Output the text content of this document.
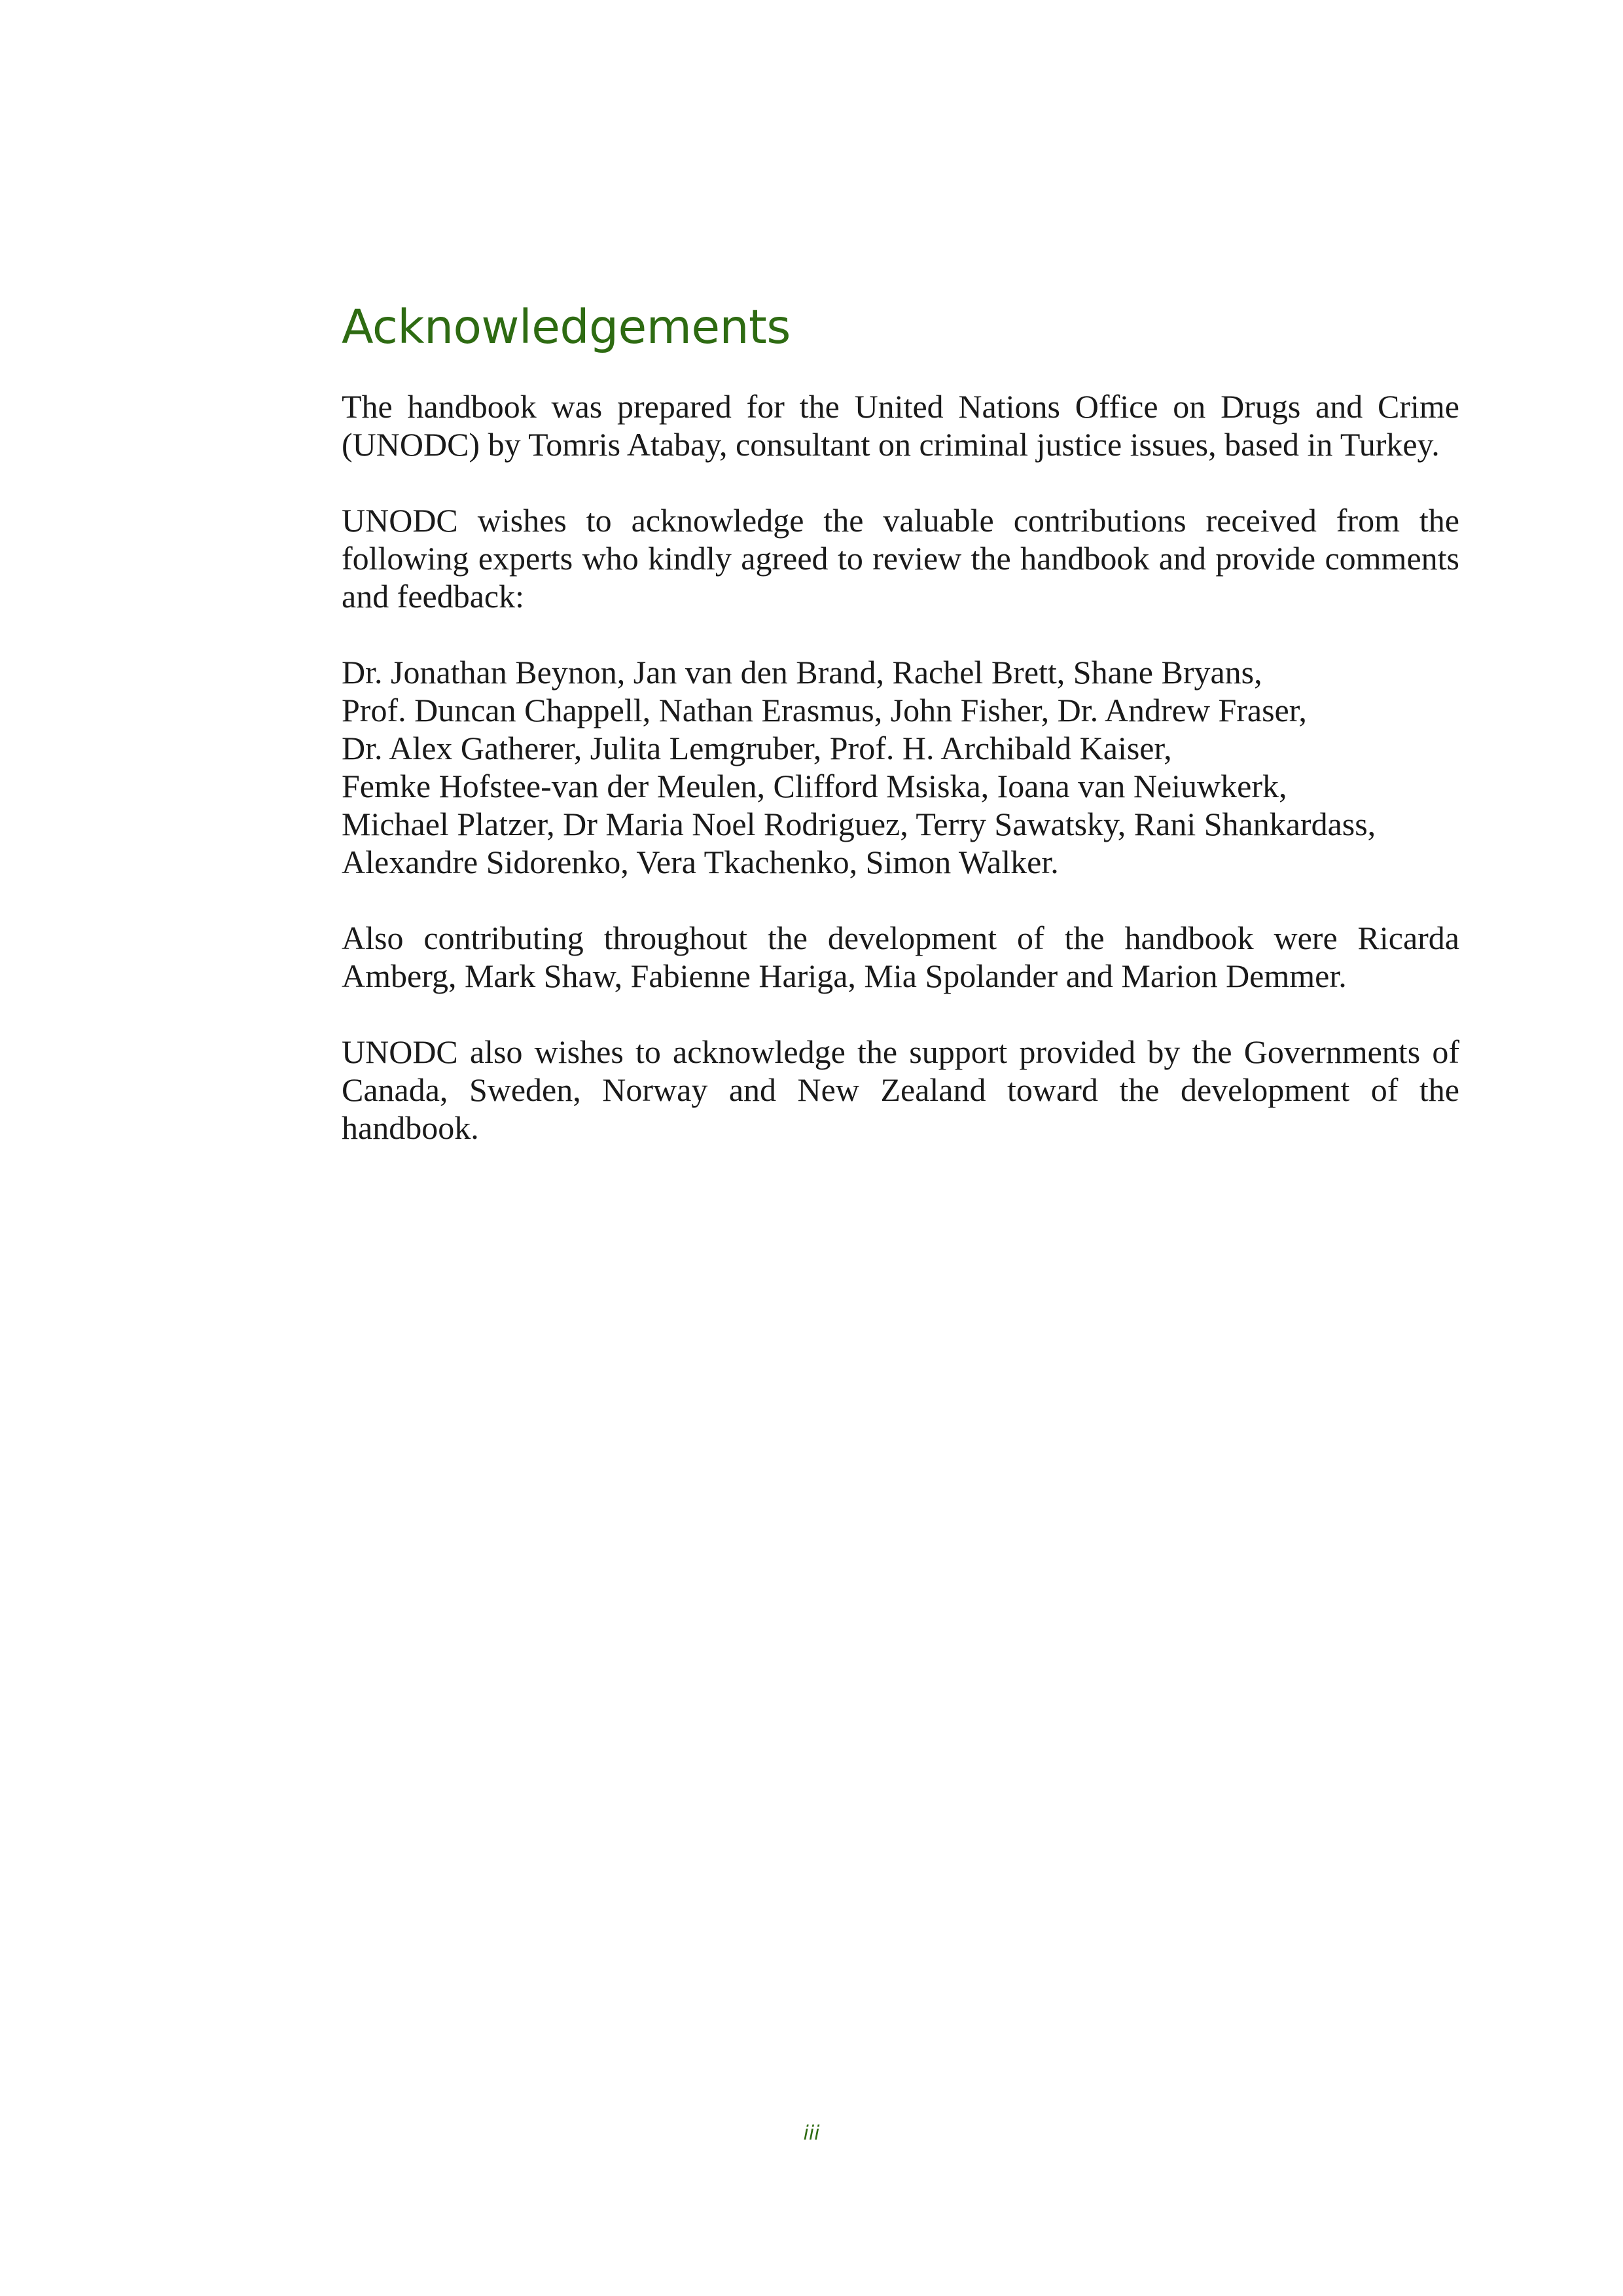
Acknowledgements

The handbook was prepared for the United Nations Office on Drugs and Crime (UNODC) by Tomris Atabay, consultant on criminal justice issues, based in Turkey.

UNODC wishes to acknowledge the valuable contributions received from the following experts who kindly agreed to review the handbook and provide comments and feedback:

Dr. Jonathan Beynon, Jan van den Brand, Rachel Brett, Shane Bryans,
Prof. Duncan Chappell, Nathan Erasmus, John Fisher, Dr. Andrew Fraser,
Dr. Alex Gatherer, Julita Lemgruber, Prof. H. Archibald Kaiser,
Femke Hofstee-van der Meulen, Clifford Msiska, Ioana van Neiuwkerk,
Michael Platzer, Dr Maria Noel Rodriguez, Terry Sawatsky, Rani Shankardass,
Alexandre Sidorenko, Vera Tkachenko, Simon Walker.

Also contributing throughout the development of the handbook were Ricarda Amberg, Mark Shaw, Fabienne Hariga, Mia Spolander and Marion Demmer.

UNODC also wishes to acknowledge the support provided by the Governments of Canada, Sweden, Norway and New Zealand toward the development of the handbook.

iii
